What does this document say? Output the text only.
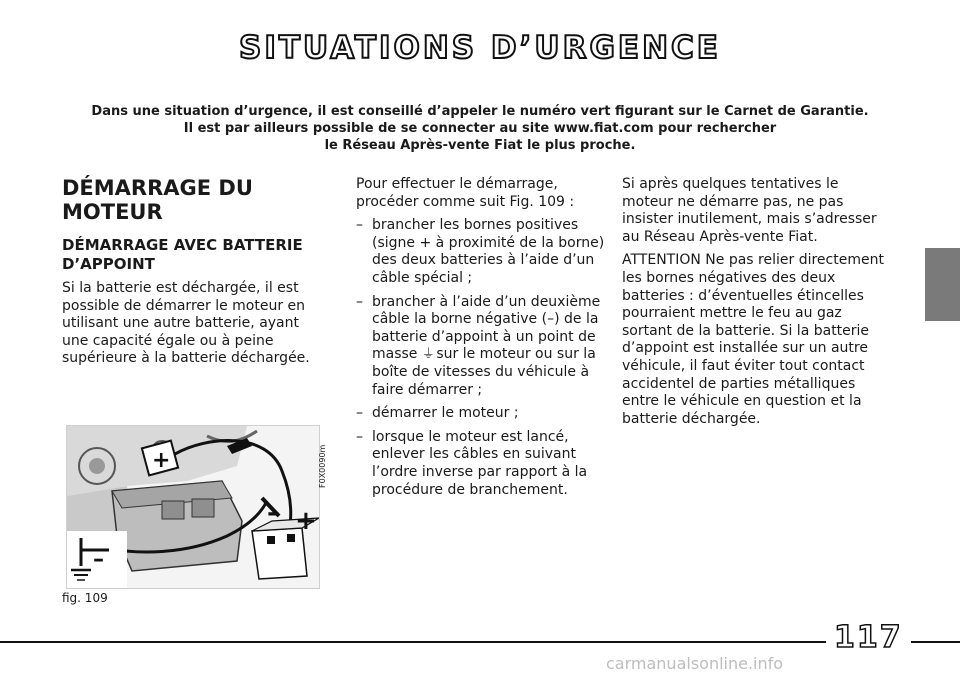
SITUATIONS D’URGENCE
Dans une situation d’urgence, il est conseillé d’appeler le numéro vert figurant sur le Carnet de Garantie.
Il est par ailleurs possible de se connecter au site www.fiat.com pour rechercher
le Réseau Après-vente Fiat le plus proche.
DÉMARRAGE DU MOTEUR
DÉMARRAGE AVEC BATTERIE D’APPOINT

Si la batterie est déchargée, il est possible de démarrer le moteur en utilisant une autre batterie, ayant une capacité égale ou à peine supérieure à la batterie déchargée.

+
– +
–
F0X0090m
fig. 109

Pour effectuer le démarrage, procéder comme suit Fig. 109 :

– brancher les bornes positives (signe + à proximité de la borne) des deux batteries à l’aide d’un câble spécial ;
– brancher à l’aide d’un deuxième câble la borne négative (–) de la batterie d’appoint à un point de masse ⏚ sur le moteur ou sur la boîte de vitesses du véhicule à faire démarrer ;
– démarrer le moteur ;
– lorsque le moteur est lancé, enlever les câbles en suivant l’ordre inverse par rapport à la procédure de branchement.

Si après quelques tentatives le moteur ne démarre pas, ne pas insister inutilement, mais s’adresser au Réseau Après-vente Fiat.

ATTENTION Ne pas relier directement les bornes négatives des deux batteries : d’éventuelles étincelles pourraient mettre le feu au gaz sortant de la batterie. Si la batterie d’appoint est installée sur un autre véhicule, il faut éviter tout contact accidentel de parties métalliques entre le véhicule en question et la batterie déchargée.

117
carmanualsonline.info
